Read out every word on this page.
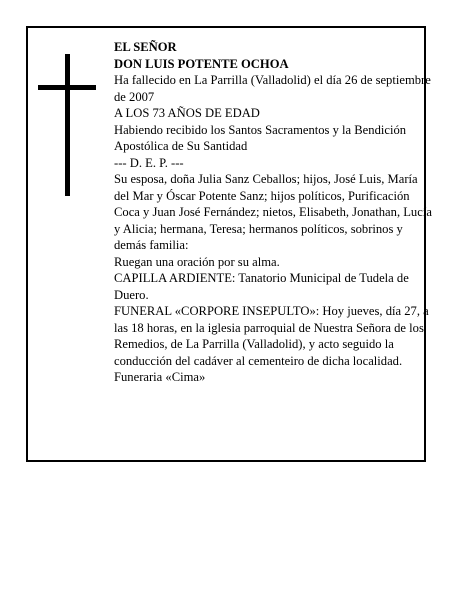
EL SEÑOR

DON LUIS POTENTE OCHOA

Ha fallecido en La Parrilla (Valladolid) el día 26 de septiembre de 2007

A LOS 73 AÑOS DE EDAD

Habiendo recibido los Santos Sacramentos y la Bendición Apostólica de Su Santidad

--- D. E. P. ---

Su esposa, doña Julia Sanz Ceballos; hijos, José Luis, María del Mar y Óscar Potente Sanz; hijos políticos, Purificación Coca y Juan José Fernández; nietos, Elisabeth, Jonathan, Lucía y Alicia; hermana, Teresa; hermanos políticos, sobrinos y demás familia:

Ruegan una oración por su alma.

CAPILLA ARDIENTE: Tanatorio Municipal de Tudela de Duero.

FUNERAL «CORPORE INSEPULTO»: Hoy jueves, día 27, a las 18 horas, en la iglesia parroquial de Nuestra Señora de los Remedios, de La Parrilla (Valladolid), y acto seguido la conducción del cadáver al cementeiro de dicha localidad.

Funeraria «Cima»
